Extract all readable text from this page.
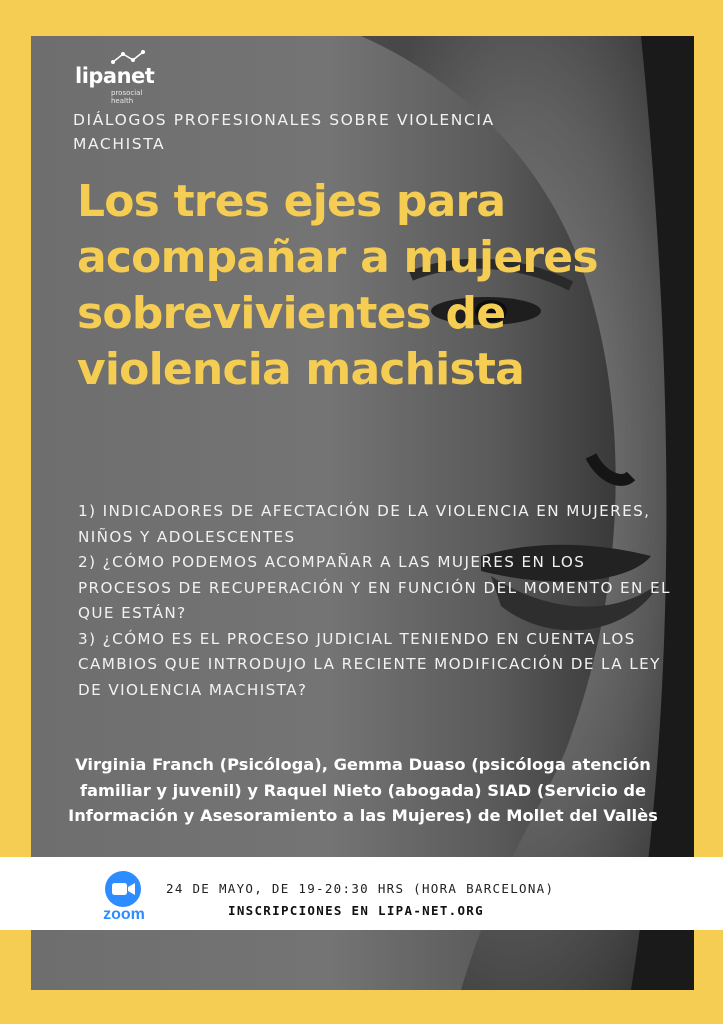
lipanet
prosocial health
DIÁLOGOS PROFESIONALES SOBRE VIOLENCIA MACHISTA
Los tres ejes para acompañar a mujeres sobrevivientes de violencia machista
1) INDICADORES DE AFECTACIÓN DE LA VIOLENCIA EN MUJERES, NIÑOS Y ADOLESCENTES
2) ¿CÓMO PODEMOS ACOMPAÑAR A LAS MUJERES EN LOS PROCESOS DE RECUPERACIÓN Y EN FUNCIÓN DEL MOMENTO EN EL QUE ESTÁN?
3) ¿CÓMO ES EL PROCESO JUDICIAL TENIENDO EN CUENTA LOS CAMBIOS QUE INTRODUJO LA RECIENTE MODIFICACIÓN DE LA LEY DE VIOLENCIA MACHISTA?
Virginia Franch (Psicóloga), Gemma Duaso (psicóloga atención familiar y juvenil) y Raquel Nieto (abogada) SIAD (Servicio de Información y Asesoramiento a las Mujeres) de Mollet del Vallès
zoom
24 DE MAYO, DE 19-20:30 HRS (HORA BARCELONA)
INSCRIPCIONES EN LIPA-NET.ORG
